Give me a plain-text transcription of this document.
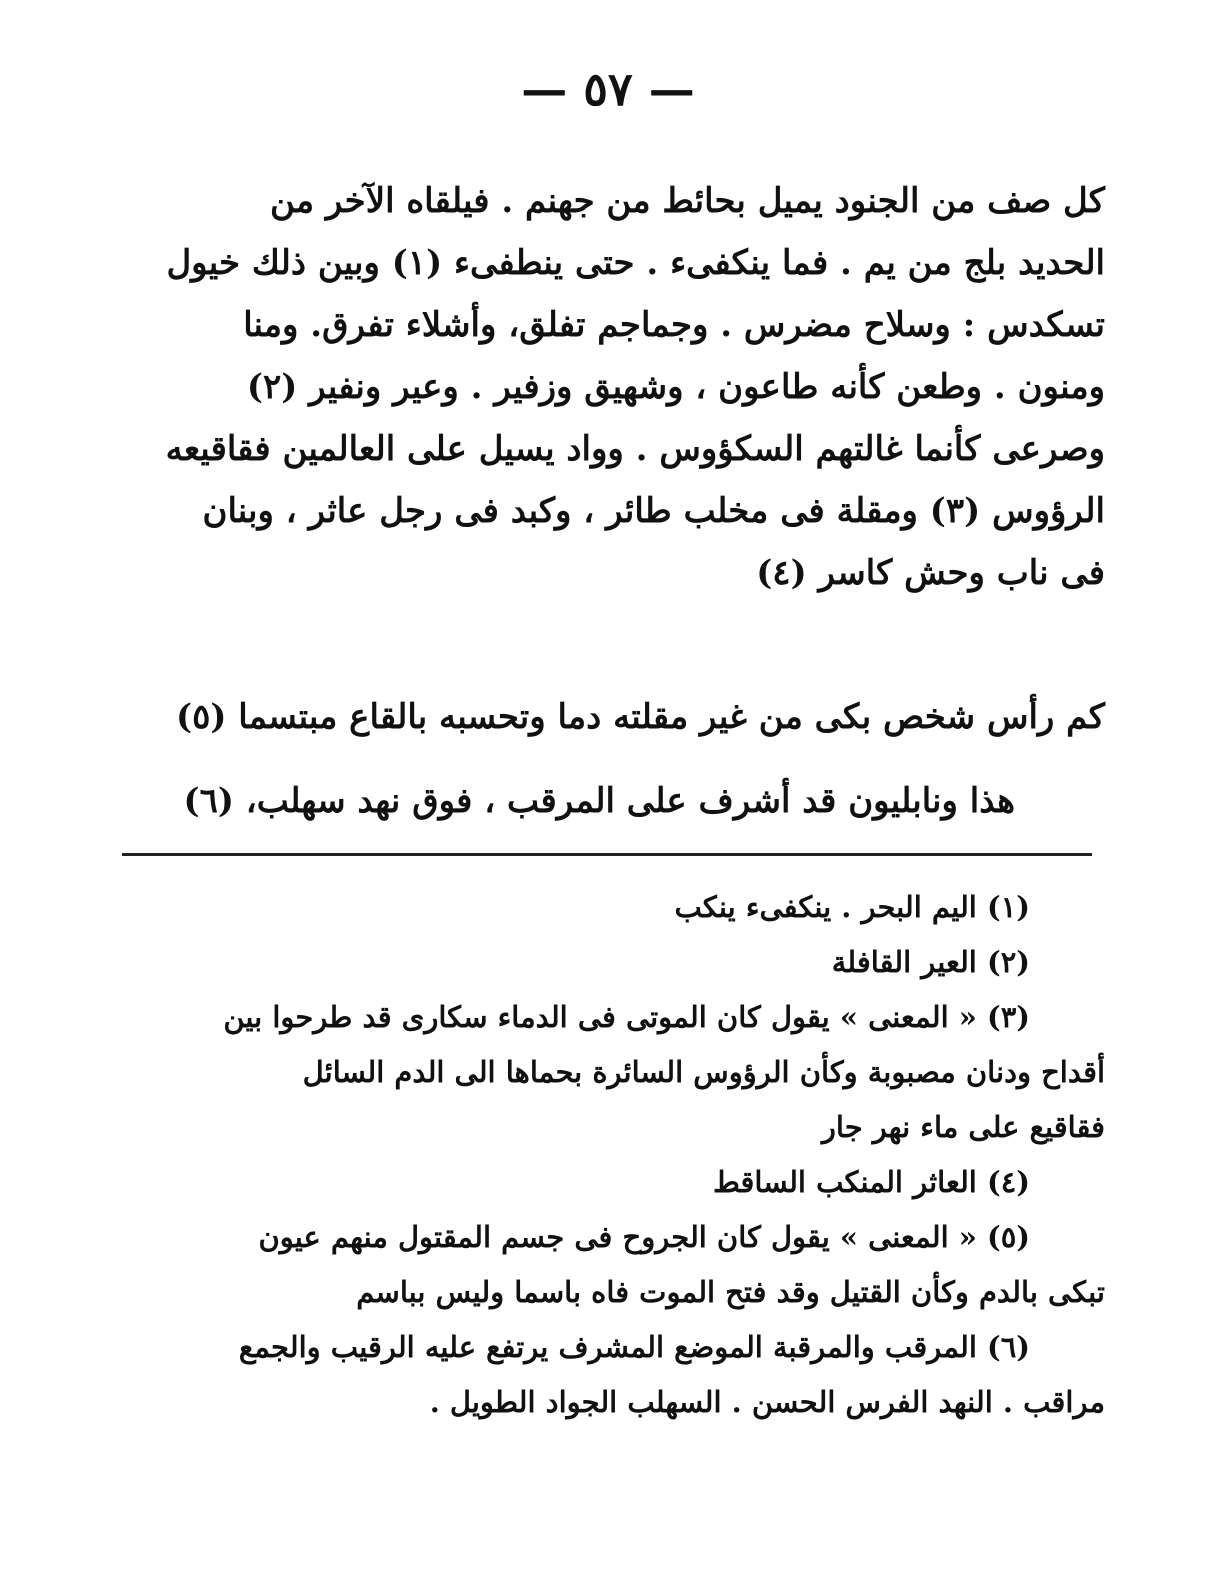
— ٥٧ —
كل صف من الجنود يميل بحائط من جهنم . فيلقاه الآخر من
الحديد بلج من يم . فما ينكفىء . حتى ينطفىء (١) وبين ذلك خيول
تسكدس : وسلاح مضرس . وجماجم تفلق، وأشلاء تفرق. ومنا
ومنون . وطعن كأنه طاعون ، وشهيق وزفير . وعير ونفير (٢)
وصرعى كأنما غالتهم السكؤوس . وواد يسيل على العالمين فقاقيعه
الرؤوس (٣) ومقلة فى مخلب طائر ، وكبد فى رجل عاثر ، وبنان
فى ناب وحش كاسر (٤)
كم رأس شخص بكى من غير مقلته دما وتحسبه بالقاع مبتسما (٥)
هذا ونابليون قد أشرف على المرقب ، فوق نهد سهلب، (٦)
(١) اليم البحر . ينكفىء ينكب
(٢) العير القافلة
(٣) « المعنى » يقول كان الموتى فى الدماء سكارى قد طرحوا بين
أقداح ودنان مصبوبة وكأن الرؤوس السائرة بحماها الى الدم السائل
فقاقيع على ماء نهر جار
(٤) العاثر المنكب الساقط
(٥) « المعنى » يقول كان الجروح فى جسم المقتول منهم عيون
تبكى بالدم وكأن القتيل وقد فتح الموت فاه باسما وليس بباسم
(٦) المرقب والمرقبة الموضع المشرف يرتفع عليه الرقيب والجمع
مراقب . النهد الفرس الحسن . السهلب الجواد الطويل .
